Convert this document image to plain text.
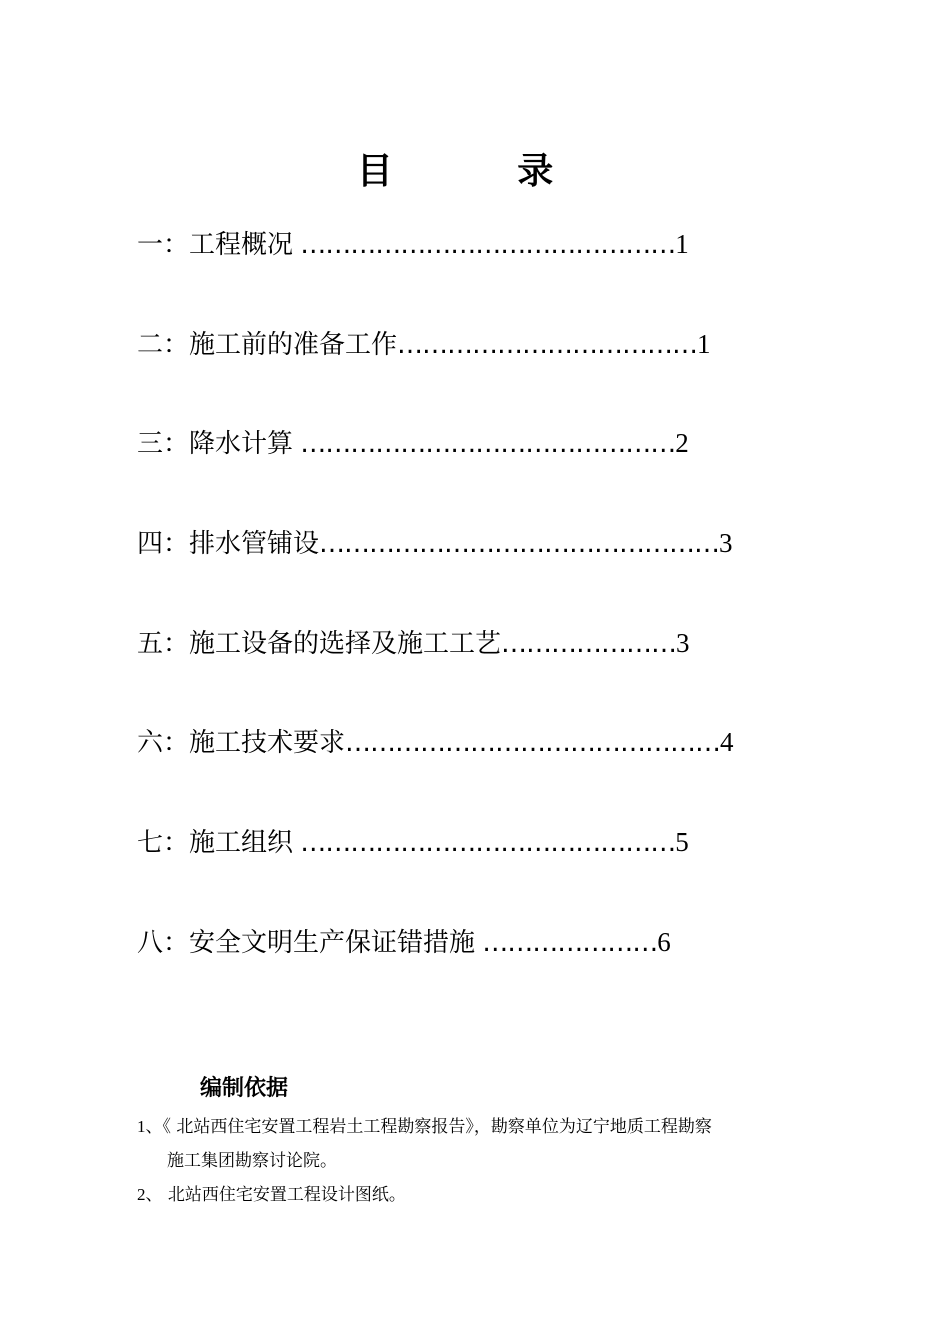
目 录
一：工程概况 ………………………………………1
二：施工前的准备工作………………………………1
三：降水计算 ………………………………………2
四：排水管铺设…………………………………………3
五：施工设备的选择及施工工艺…………………3
六：施工技术要求………………………………………4
七：施工组织 ………………………………………5
八：安全文明生产保证错措施 …………………6
编制依据
1、《 北站西住宅安置工程岩土工程勘察报告》，勘察单位为辽宁地质工程勘察
施工集团勘察讨论院。
2、 北站西住宅安置工程设计图纸。
